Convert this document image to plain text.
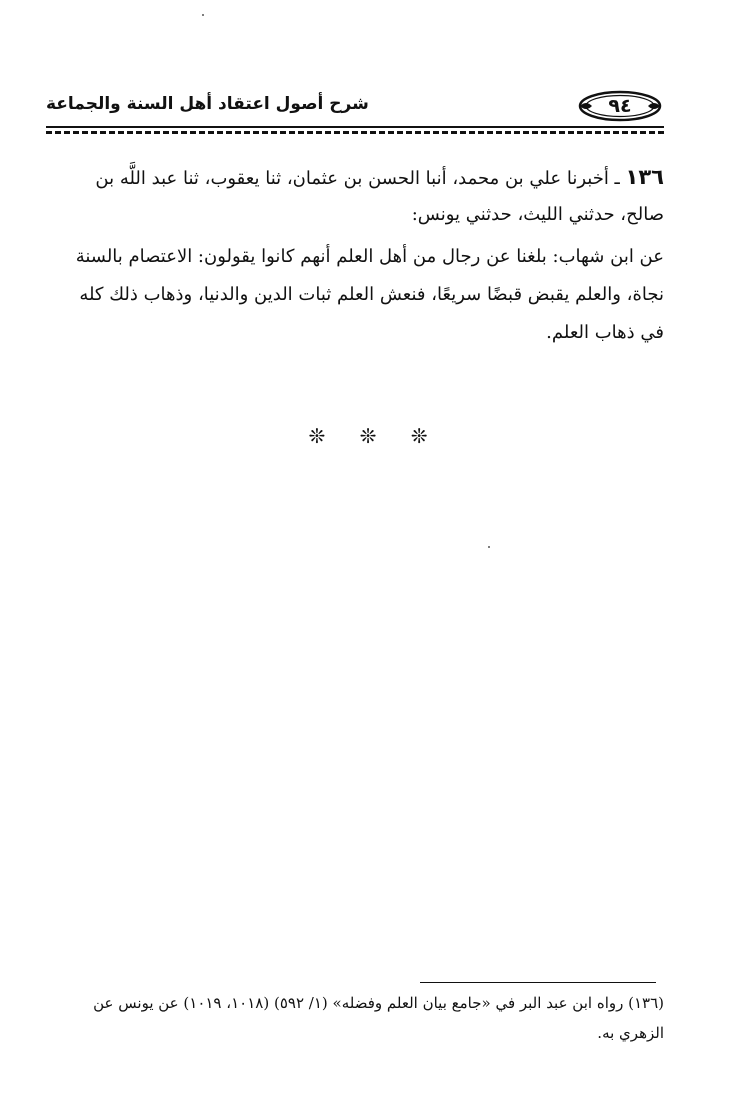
٩٤
شرح أصول اعتقاد أهل السنة والجماعة
١٣٦ ـ أخبرنا علي بن محمد، أنبا الحسن بن عثمان، ثنا يعقوب، ثنا عبد اللَّه بن
صالح، حدثني الليث، حدثني يونس:
عن ابن شهاب: بلغنا عن رجال من أهل العلم أنهم كانوا يقولون: الاعتصام بالسنة
نجاة، والعلم يقبض قبضًا سريعًا، فنعش العلم ثبات الدين والدنيا، وذهاب ذلك كله
في ذهاب العلم.
❊ ❊ ❊
(١٣٦) رواه ابن عبد البر في «جامع بيان العلم وفضله» (١/ ٥٩٢) (١٠١٨، ١٠١٩) عن يونس عن
الزهري به.
